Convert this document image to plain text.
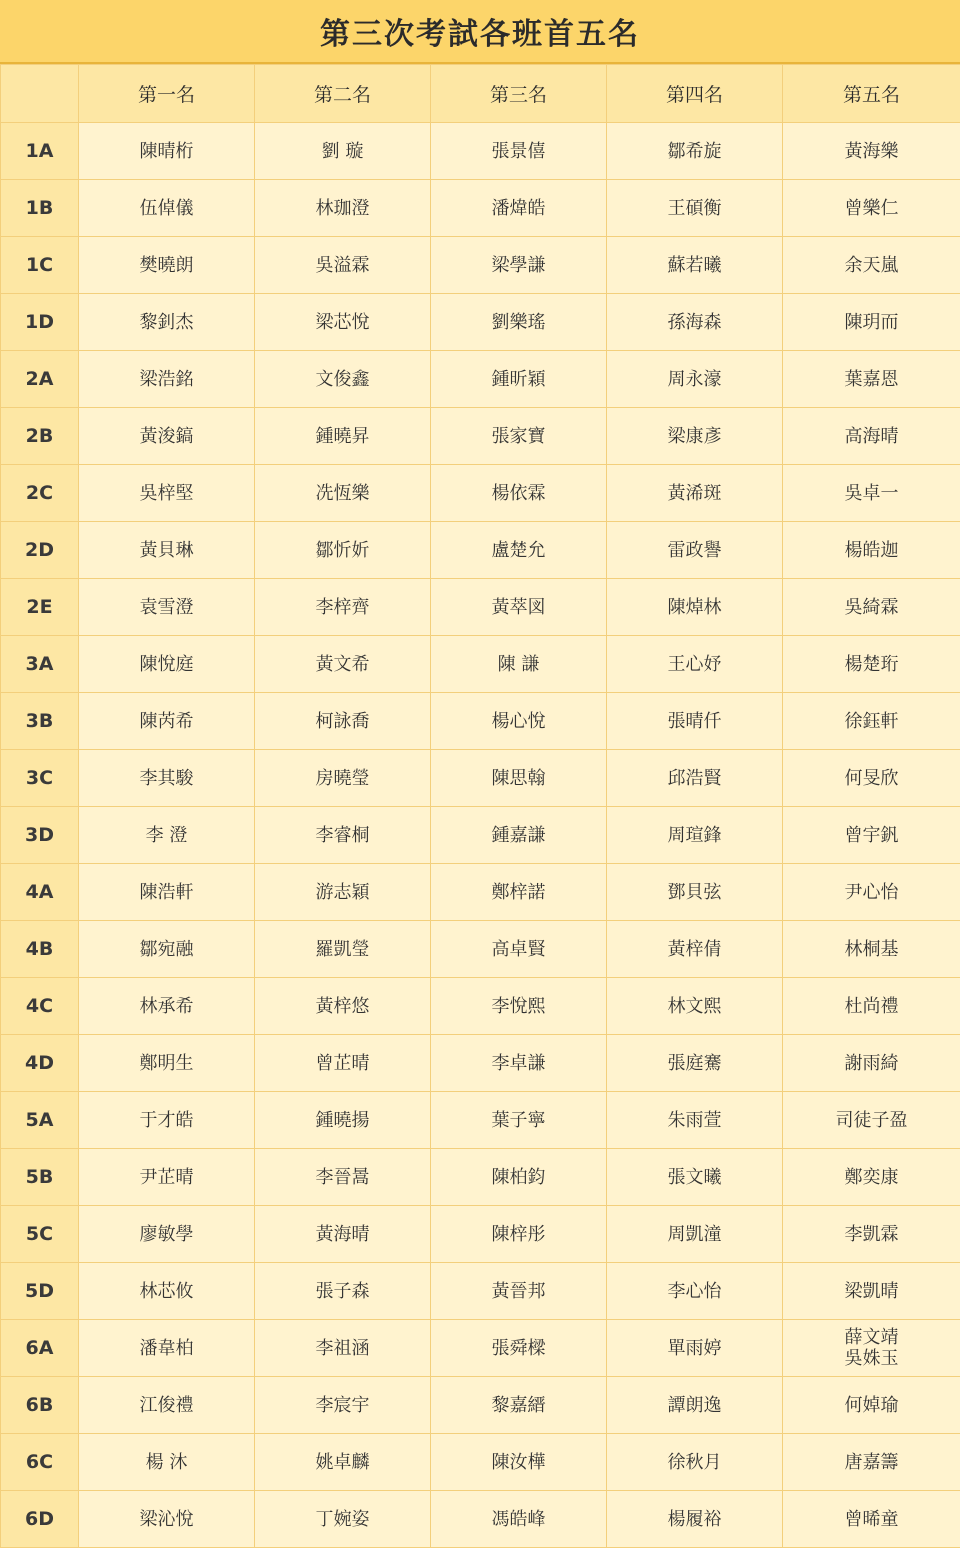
第三次考試各班首五名
	第一名	第二名	第三名	第四名	第五名
1A	陳晴桁	劉 璇	張景僖	鄒希旋	黃海樂

1B	伍倬儀	林珈澄	潘煒皓	王碩衡	曾樂仁

1C	樊曉朗	吳溢霖	梁學謙	蘇若曦	余天嵐

1D	黎釗杰	梁芯悅	劉樂瑤	孫海森	陳玥而

2A	梁浩銘	文俊鑫	鍾昕穎	周永濠	葉嘉恩

2B	黃浚鎬	鍾曉昇	張家寶	梁康彥	高海晴

2C	吳梓堅	冼恆樂	楊依霖	黃浠斑	吳卓一

2D	黃貝琳	鄒忻妡	盧楚允	雷政譽	楊皓迦

2E	袁雪澄	李梓齊	黃萃図	陳焯林	吳綺霖

3A	陳悅庭	黃文希	陳 謙	王心妤	楊楚珩

3B	陳芮希	柯詠喬	楊心悅	張晴仟	徐鈺軒

3C	李其駿	房曉瑩	陳思翰	邱浩賢	何旻欣

3D	李 澄	李睿桐	鍾嘉謙	周瑄鋒	曾宇釩

4A	陳浩軒	游志穎	鄭梓諾	鄧貝弦	尹心怡

4B	鄒宛融	羅凱瑩	高卓賢	黃梓倩	林桐基

4C	林承希	黃梓悠	李悅熙	林文熙	杜尚禮

4D	鄭明生	曾芷晴	李卓謙	張庭騫	謝雨綺

5A	于才皓	鍾曉揚	葉子寧	朱雨萱	司徒子盈

5B	尹芷晴	李晉暠	陳柏鈞	張文曦	鄭奕康

5C	廖敏學	黃海晴	陳梓彤	周凱潼	李凱霖

5D	林芯攸	張子森	黃晉邦	李心怡	梁凱晴

6A	潘韋柏	李祖涵	張舜樑	單雨婷	薛文靖
吳姝玉

6B	江俊禮	李宸宇	黎嘉縉	譚朗逸	何婥瑜

6C	楊 沐	姚卓麟	陳汝樺	徐秋月	唐嘉籌

6D	梁沁悅	丁婉姿	馮皓峰	楊履裕	曾晞童
